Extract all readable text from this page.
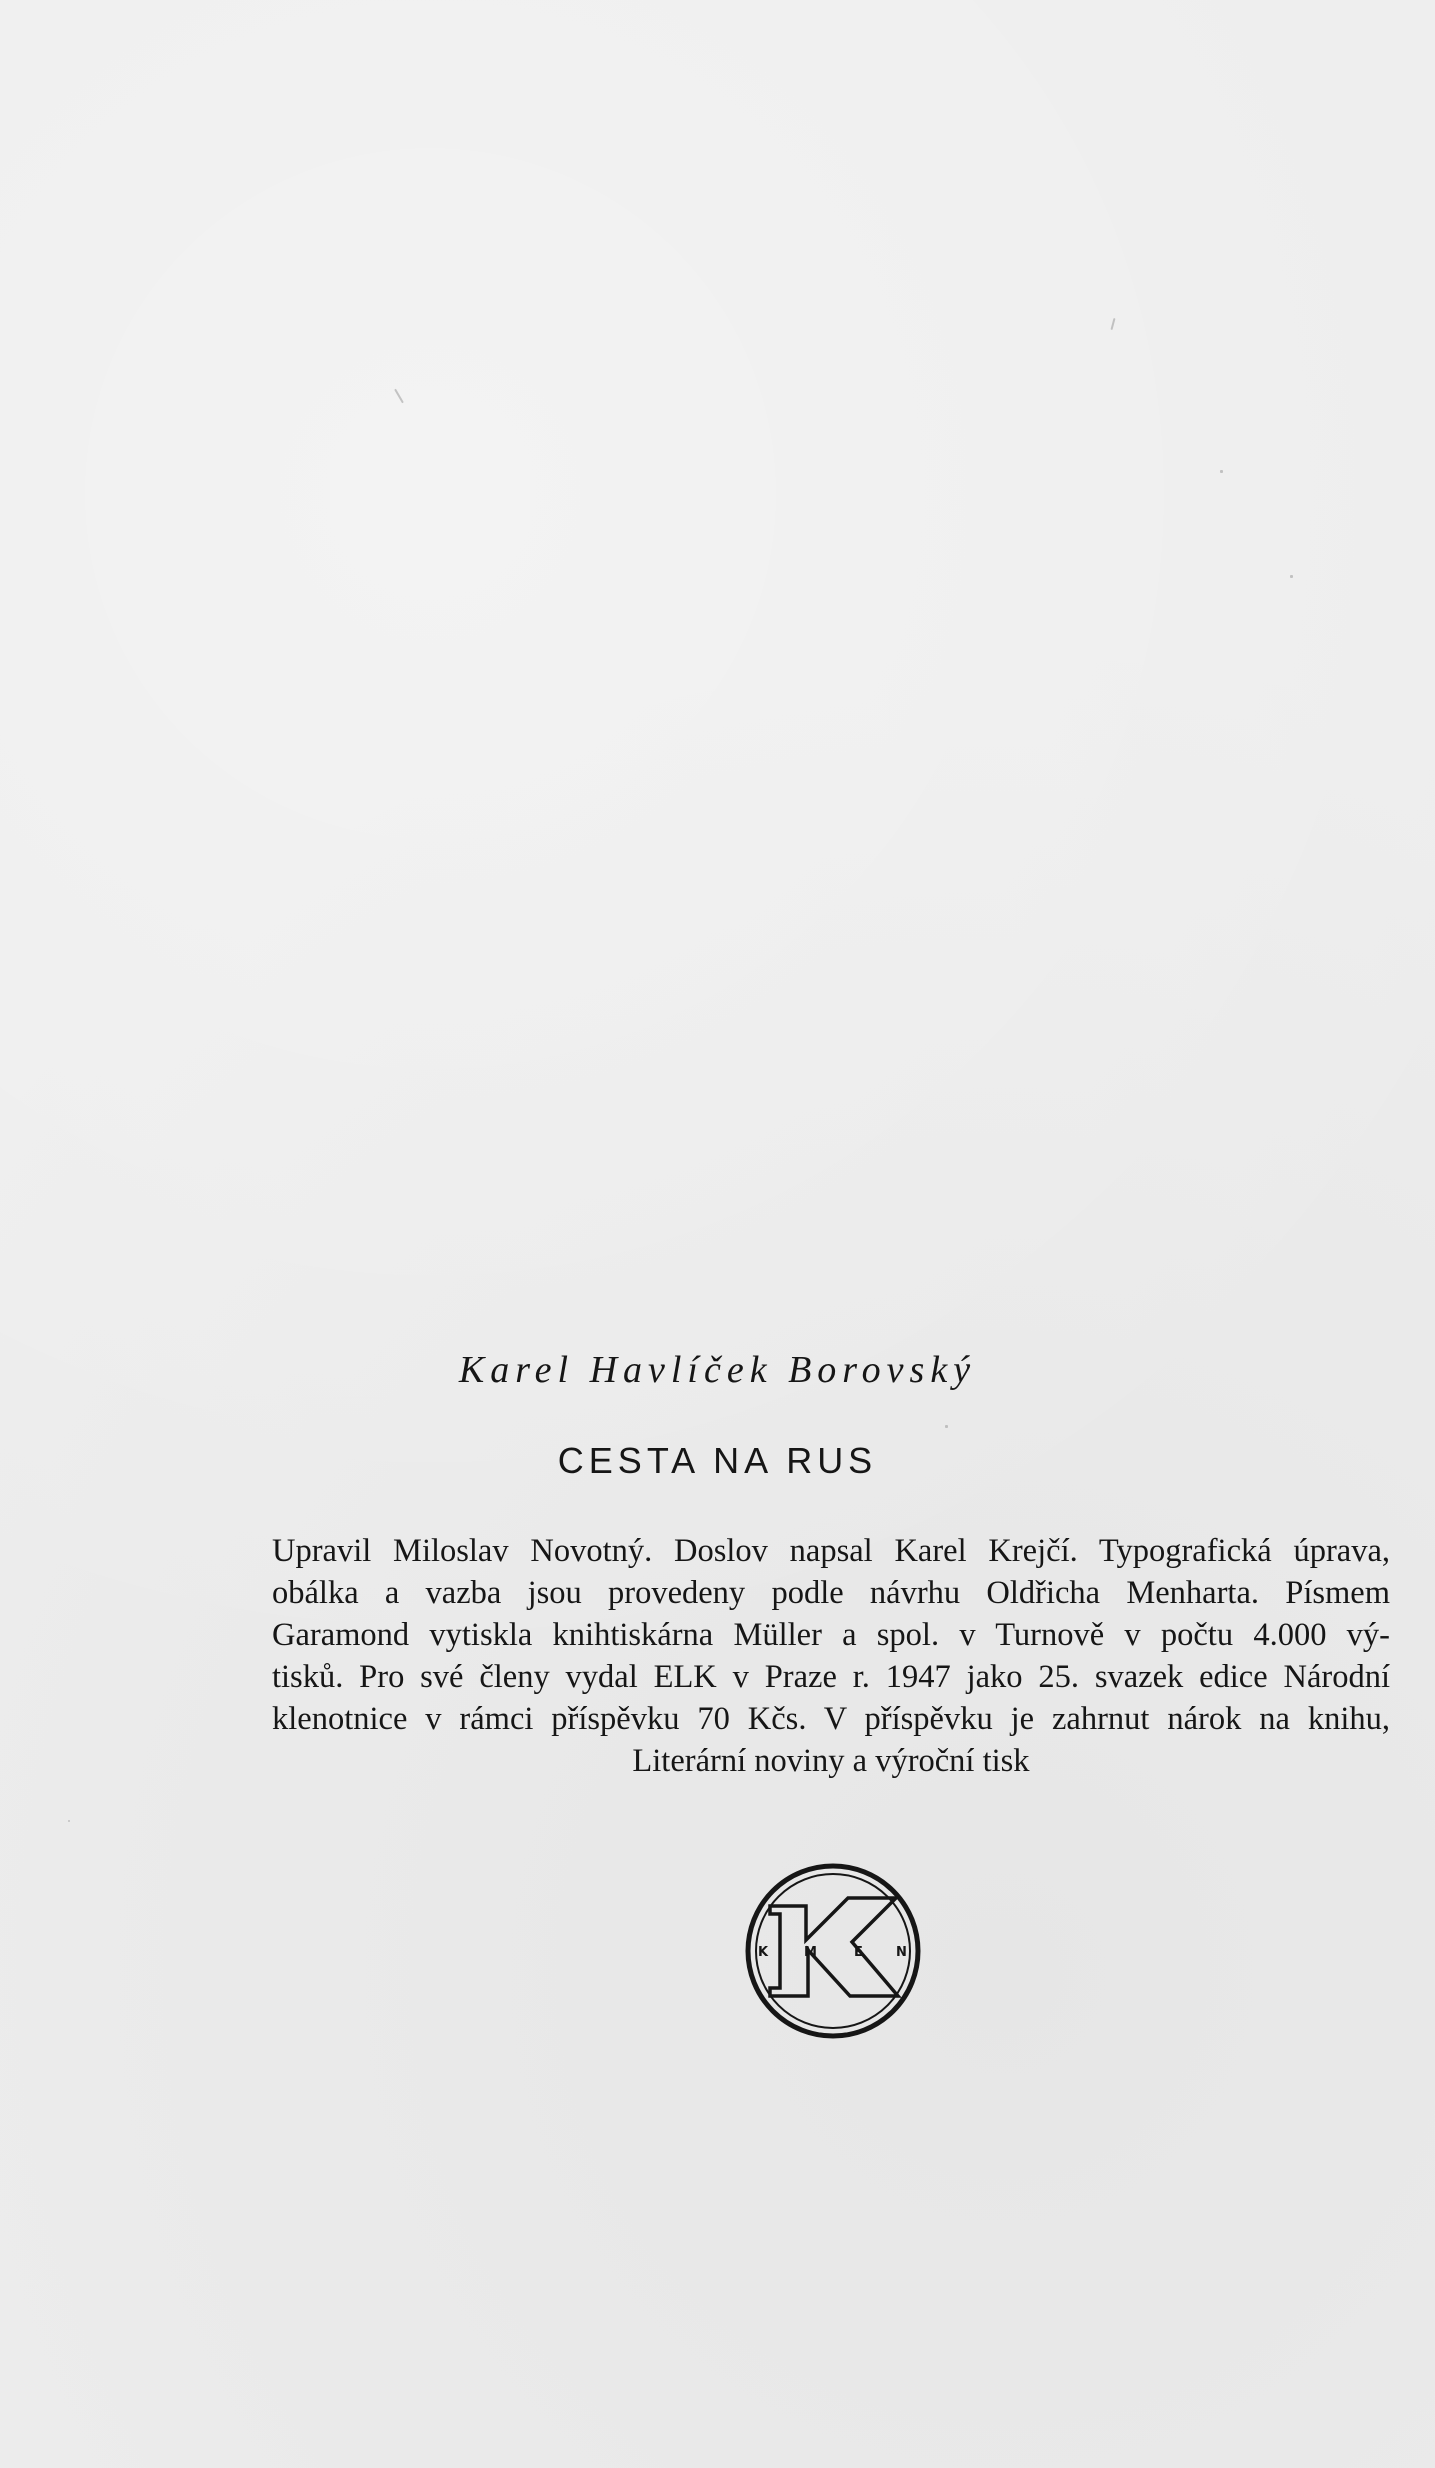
Karel Havlíček Borovský

CESTA NA RUS
Upravil Miloslav Novotný. Doslov napsal Karel Krejčí. Typografická úprava,
obálka a vazba jsou provedeny podle návrhu Oldřicha Menharta. Písmem
Garamond vytiskla knihtiskárna Müller a spol. v Turnově v počtu 4.000 vý-
tisků. Pro své členy vydal ELK v Praze r. 1947 jako 25. svazek edice Národní
klenotnice v rámci příspěvku 70 Kčs. V příspěvku je zahrnut nárok na knihu,
Literární noviny a výroční tisk
K	M	E	N
